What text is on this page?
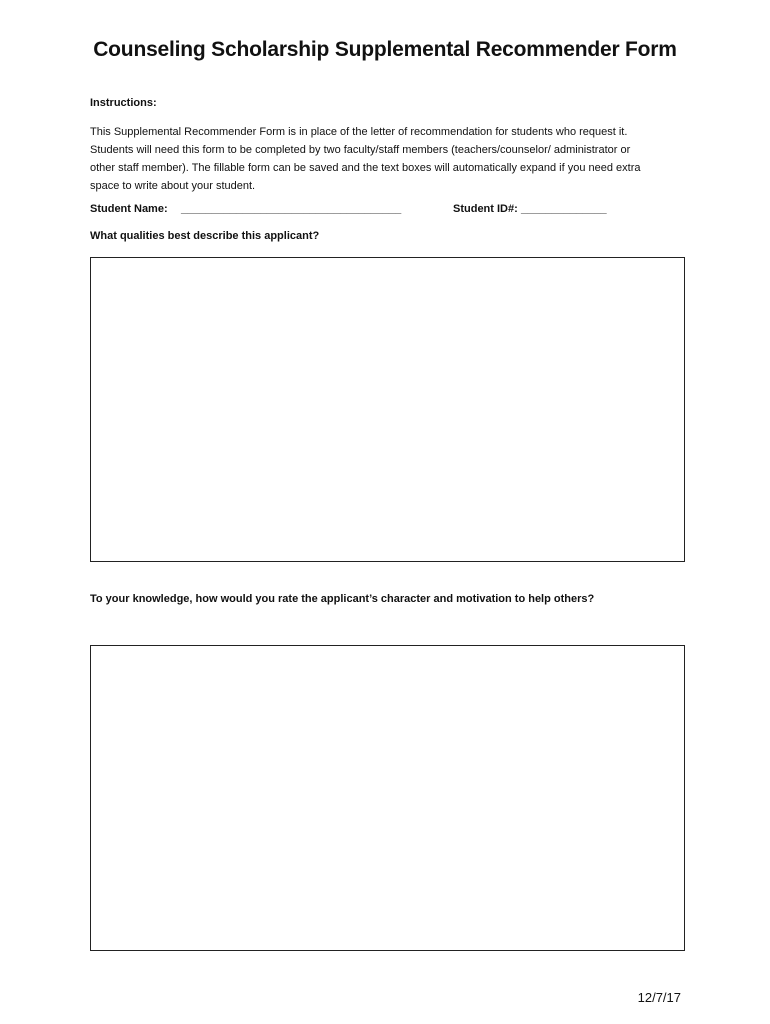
Counseling Scholarship Supplemental Recommender Form
Instructions:
This Supplemental Recommender Form is in place of the letter of recommendation for students who request it.
Students will need this form to be completed by two faculty/staff members (teachers/counselor/ administrator or
other staff member). The fillable form can be saved and the text boxes will automatically expand if you need extra
space to write about your student.
Student Name: ____________________________________	Student ID#: ______________
What qualities best describe this applicant?
To your knowledge, how would you rate the applicant’s character and motivation to help others?
12/7/17
